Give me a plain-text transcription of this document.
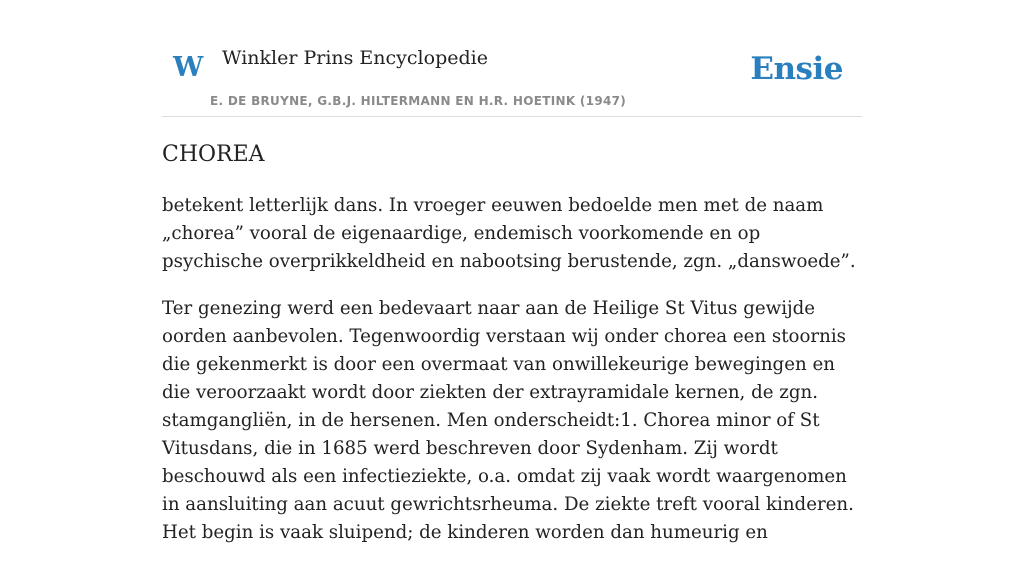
W Winkler Prins Encyclopedie
E. DE BRUYNE, G.B.J. HILTERMANN EN H.R. HOETINK (1947)
Ensie
CHOREA

betekent letterlijk dans. In vroeger eeuwen bedoelde men met de naam „chorea” vooral de eigenaardige, endemisch voorkomende en op psychische overprikkeldheid en nabootsing berustende, zgn. „danswoede”.

Ter genezing werd een bedevaart naar aan de Heilige St Vitus gewijde oorden aanbevolen. Tegenwoordig verstaan wij onder chorea een stoornis die gekenmerkt is door een overmaat van onwillekeurige bewegingen en die veroorzaakt wordt door ziekten der extrayramidale kernen, de zgn. stamgangliën, in de hersenen. Men onderscheidt:1. Chorea minor of St Vitusdans, die in 1685 werd beschreven door Sydenham. Zij wordt beschouwd als een infectieziekte, o.a. omdat zij vaak wordt waargenomen in aansluiting aan acuut gewrichtsrheuma. De ziekte treft vooral kinderen. Het begin is vaak sluipend; de kinderen worden dan humeurig en
